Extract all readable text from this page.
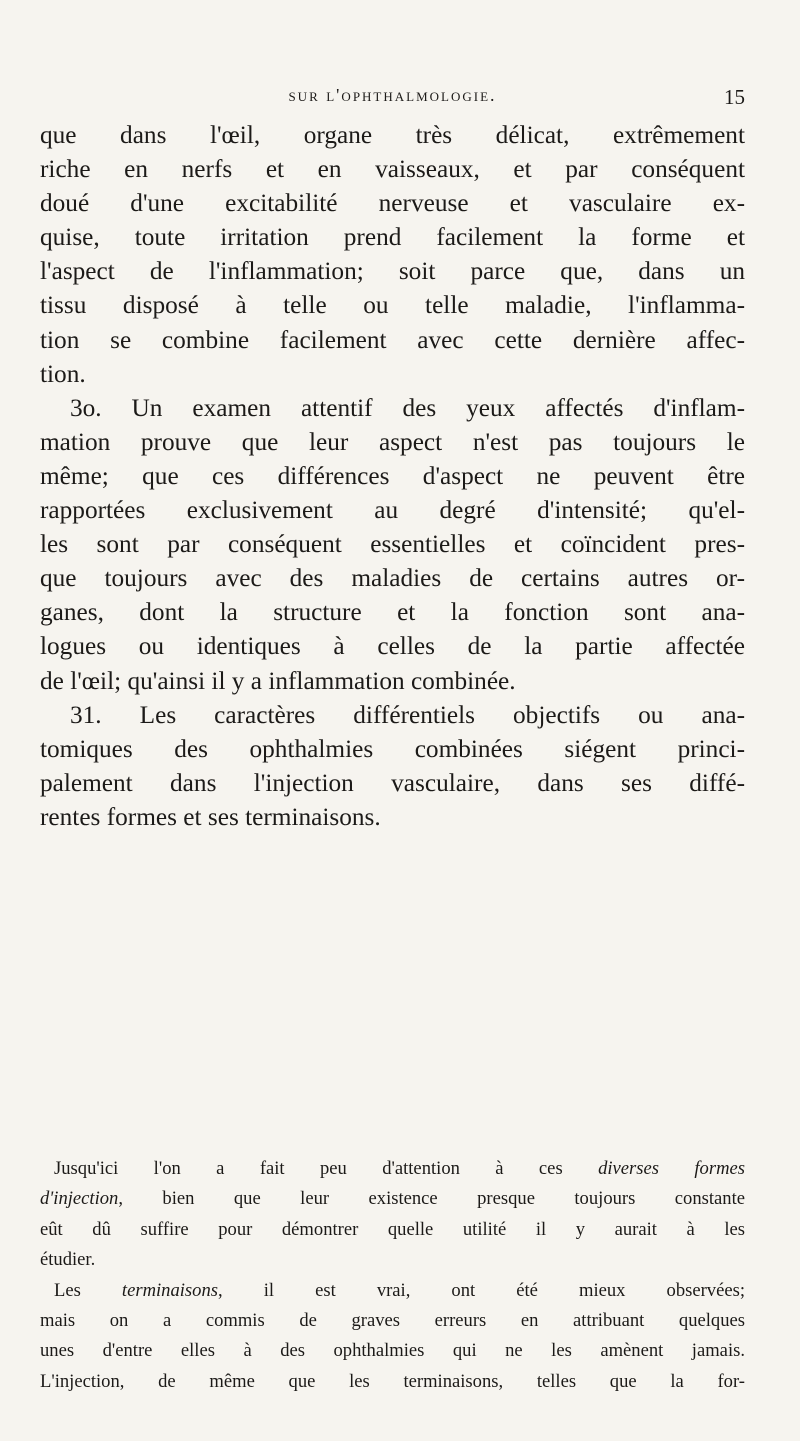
sur l'ophthalmologie.	15
que dans l'œil, organe très délicat, extrêmement
riche en nerfs et en vaisseaux, et par conséquent
doué d'une excitabilité nerveuse et vasculaire ex-
quise, toute irritation prend facilement la forme et
l'aspect de l'inflammation; soit parce que, dans un
tissu disposé à telle ou telle maladie, l'inflamma-
tion se combine facilement avec cette dernière affec-
tion.
3o. Un examen attentif des yeux affectés d'inflam-
mation prouve que leur aspect n'est pas toujours le
même; que ces différences d'aspect ne peuvent être
rapportées exclusivement au degré d'intensité; qu'el-
les sont par conséquent essentielles et coïncident pres-
que toujours avec des maladies de certains autres or-
ganes, dont la structure et la fonction sont ana-
logues ou identiques à celles de la partie affectée
de l'œil; qu'ainsi il y a inflammation combinée.
31. Les caractères différentiels objectifs ou ana-
tomiques des ophthalmies combinées siégent princi-
palement dans l'injection vasculaire, dans ses diffé-
rentes formes et ses terminaisons.
Jusqu'ici l'on a fait peu d'attention à ces diverses formes
d'injection, bien que leur existence presque toujours constante
eût dû suffire pour démontrer quelle utilité il y aurait à les
étudier.
Les terminaisons, il est vrai, ont été mieux observées;
mais on a commis de graves erreurs en attribuant quelques
unes d'entre elles à des ophthalmies qui ne les amènent jamais.
L'injection, de même que les terminaisons, telles que la for-
